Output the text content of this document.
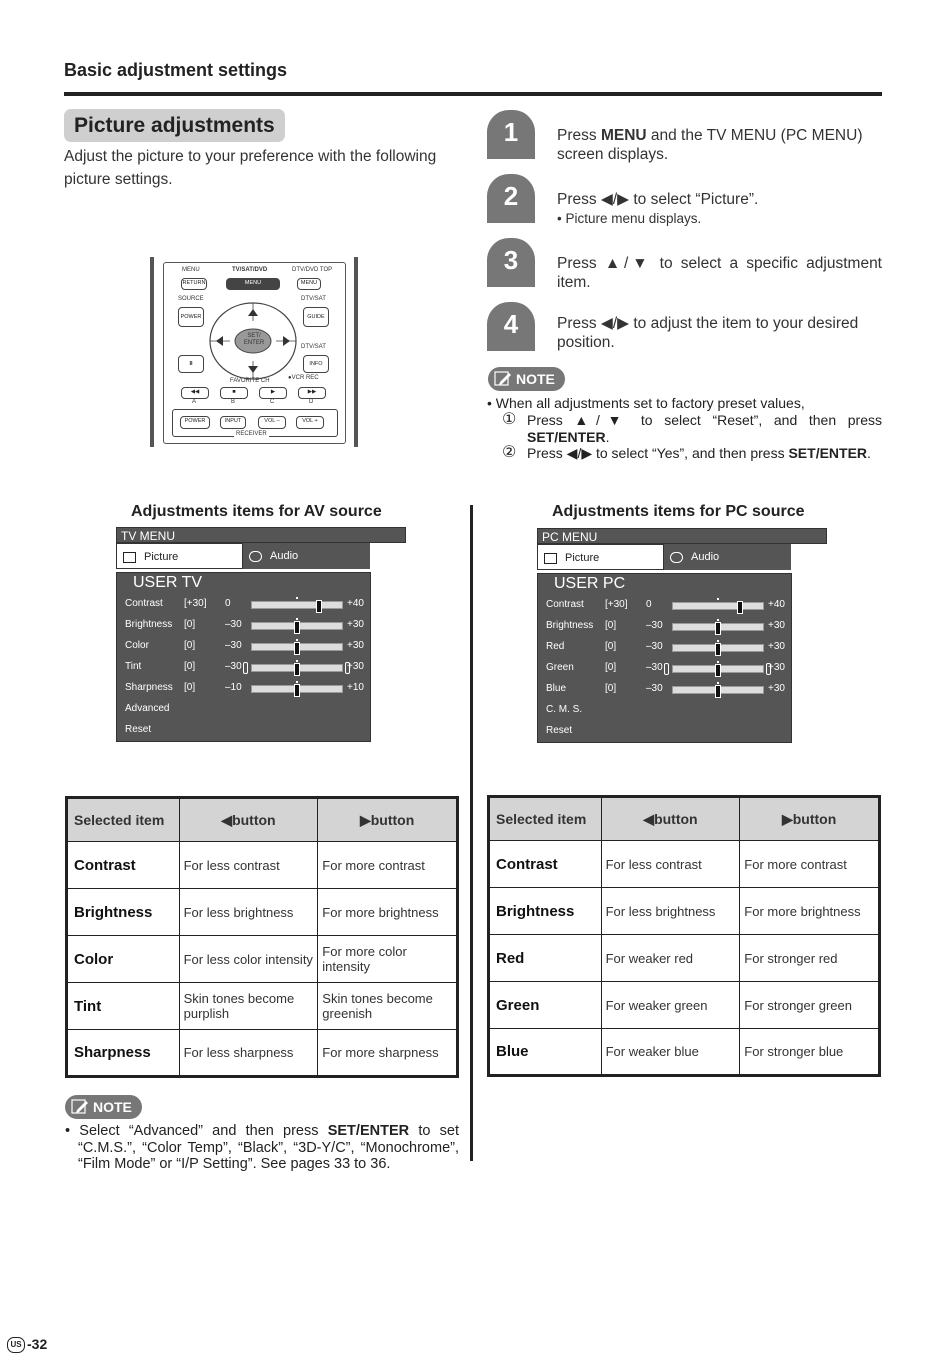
Basic adjustment settings
Picture adjustments
Adjust the picture to your preference with the following picture settings.
MENU	TV/SAT/DVD	DTV/DVD TOP
RETURN	MENU	MENU
SOURCE	DTV/SAT
POWER	GUIDE
SET/ ENTER
DTV/SAT
II	INFO
FAVORITE CH	●VCR REC
◀◀	■	▶	▶▶
A	B	C	D
POWER	INPUT	VOL –	VOL +
RECEIVER
1	Press MENU and the TV MENU (PC MENU) screen displays.
2	Press ◀/▶ to select “Picture”.
• Picture menu displays.
3	Press ▲/▼ to select a specific adjustment item.
4	Press ◀/▶ to adjust the item to your desired position.
NOTE
• When all adjustments set to factory preset values,
① Press ▲/▼ to select “Reset”, and then press SET/ENTER.
② Press ◀/▶ to select “Yes”, and then press SET/ENTER.
Adjustments items for AV source
TV MENU
Picture	Audio
USER TV
Contrast [+30] 0	+40
Brightness [0]	–30	+30
Color	[0]	–30	+30
Tint	[0]	–30	+30
Sharpness [0]	–10	+10
Advanced
Reset
Adjustments items for PC source
PC MENU
Picture	Audio
USER PC
Contrast [+30] 0	+40
Brightness [0]	–30	+30
Red	[0]	–30	+30
Green	[0]	–30	+30
Blue	[0]	–30	+30
C. M. S.
Reset
Selected item	◀button	▶button
Contrast	For less contrast	For more contrast
Brightness	For less brightness	For more brightness
Color	For less color intensity	For more color intensity
Tint	Skin tones become purplish	Skin tones become greenish
Sharpness	For less sharpness	For more sharpness
Selected item	◀button	▶button
Contrast	For less contrast	For more contrast
Brightness	For less brightness	For more brightness
Red	For weaker red	For stronger red
Green	For weaker green	For stronger green
Blue	For weaker blue	For stronger blue
NOTE
• Select “Advanced” and then press SET/ENTER to set “C.M.S.”, “Color Temp”, “Black”, “3D-Y/C”, “Monochrome”, “Film Mode” or “I/P Setting”. See pages 33 to 36.
US -32
